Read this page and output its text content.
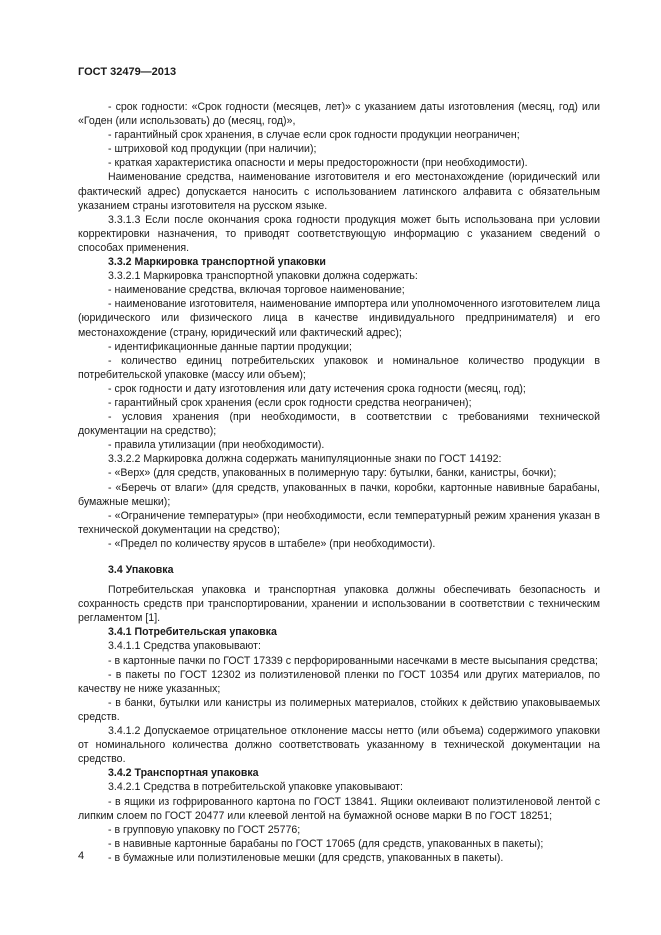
ГОСТ 32479—2013

- срок годности: «Срок годности (месяцев, лет)» с указанием даты изготовления (месяц, год) или «Годен (или использовать) до (месяц, год)»,

- гарантийный срок хранения, в случае если срок годности продукции неограничен;

- штриховой код продукции (при наличии);

- краткая характеристика опасности и меры предосторожности (при необходимости).

Наименование средства, наименование изготовителя и его местонахождение (юридический или фактический адрес) допускается наносить с использованием латинского алфавита с обязательным указанием страны изготовителя на русском языке.

3.3.1.3 Если после окончания срока годности продукция может быть использована при условии корректировки назначения, то приводят соответствующую информацию с указанием сведений о способах применения.

3.3.2 Маркировка транспортной упаковки

3.3.2.1 Маркировка транспортной упаковки должна содержать:

- наименование средства, включая торговое наименование;

- наименование изготовителя, наименование импортера или уполномоченного изготовителем лица (юридического или физического лица в качестве индивидуального предпринимателя) и его местонахождение (страну, юридический или фактический адрес);

- идентификационные данные партии продукции;

- количество единиц потребительских упаковок и номинальное количество продукции в потребительской упаковке (массу или объем);

- срок годности и дату изготовления или дату истечения срока годности (месяц, год);

- гарантийный срок хранения (если срок годности средства неограничен);

- условия хранения (при необходимости, в соответствии с требованиями технической документации на средство);

- правила утилизации (при необходимости).

3.3.2.2 Маркировка должна содержать манипуляционные знаки по ГОСТ 14192:

- «Верх» (для средств, упакованных в полимерную тару: бутылки, банки, канистры, бочки);

- «Беречь от влаги» (для средств, упакованных в пачки, коробки, картонные навивные барабаны, бумажные мешки);

- «Ограничение температуры» (при необходимости, если температурный режим хранения указан в технической документации на средство);

- «Предел по количеству ярусов в штабеле» (при необходимости).

3.4 Упаковка

Потребительская упаковка и транспортная упаковка должны обеспечивать безопасность и сохранность средств при транспортировании, хранении и использовании в соответствии с техническим регламентом [1].

3.4.1 Потребительская упаковка

3.4.1.1 Средства упаковывают:

- в картонные пачки по ГОСТ 17339 с перфорированными насечками в месте высыпания средства;

- в пакеты по ГОСТ 12302 из полиэтиленовой пленки по ГОСТ 10354 или других материалов, по качеству не ниже указанных;

- в банки, бутылки или канистры из полимерных материалов, стойких к действию упаковываемых средств.

3.4.1.2 Допускаемое отрицательное отклонение массы нетто (или объема) содержимого упаковки от номинального количества должно соответствовать указанному в технической документации на средство.

3.4.2 Транспортная упаковка

3.4.2.1 Средства в потребительской упаковке упаковывают:

- в ящики из гофрированного картона по ГОСТ 13841. Ящики оклеивают полиэтиленовой лентой с липким слоем по ГОСТ 20477 или клеевой лентой на бумажной основе марки В по ГОСТ 18251;

- в групповую упаковку по ГОСТ 25776;

- в навивные картонные барабаны по ГОСТ 17065 (для средств, упакованных в пакеты);

- в бумажные или полиэтиленовые мешки (для средств, упакованных в пакеты).

4
